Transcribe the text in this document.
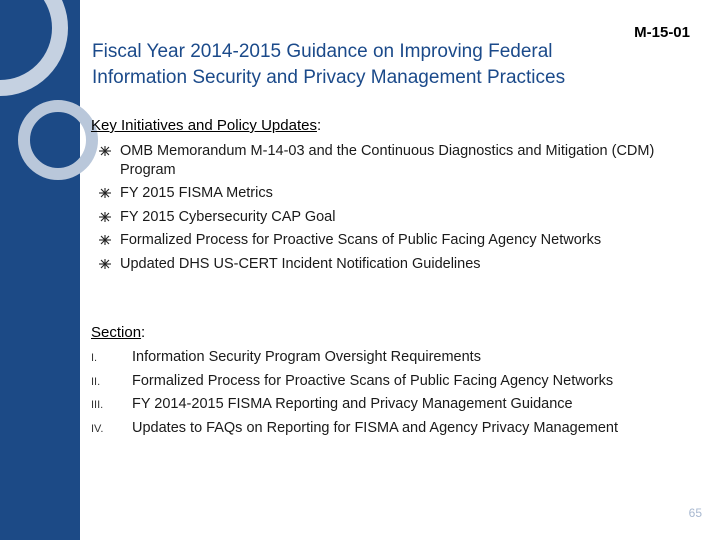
M-15-01
Fiscal Year 2014-2015 Guidance on Improving Federal
Information Security and Privacy Management Practices
Key Initiatives and Policy Updates:
OMB Memorandum M-14-03 and the Continuous Diagnostics and Mitigation (CDM) Program
FY 2015 FISMA Metrics
FY 2015 Cybersecurity CAP Goal
Formalized Process for Proactive Scans of Public Facing Agency Networks
Updated DHS US-CERT Incident Notification Guidelines
Section:
I. Information Security Program Oversight Requirements
II. Formalized Process for Proactive Scans of Public Facing Agency Networks
III. FY 2014-2015 FISMA Reporting and Privacy Management Guidance
IV. Updates to FAQs on Reporting for FISMA and Agency Privacy Management
65
